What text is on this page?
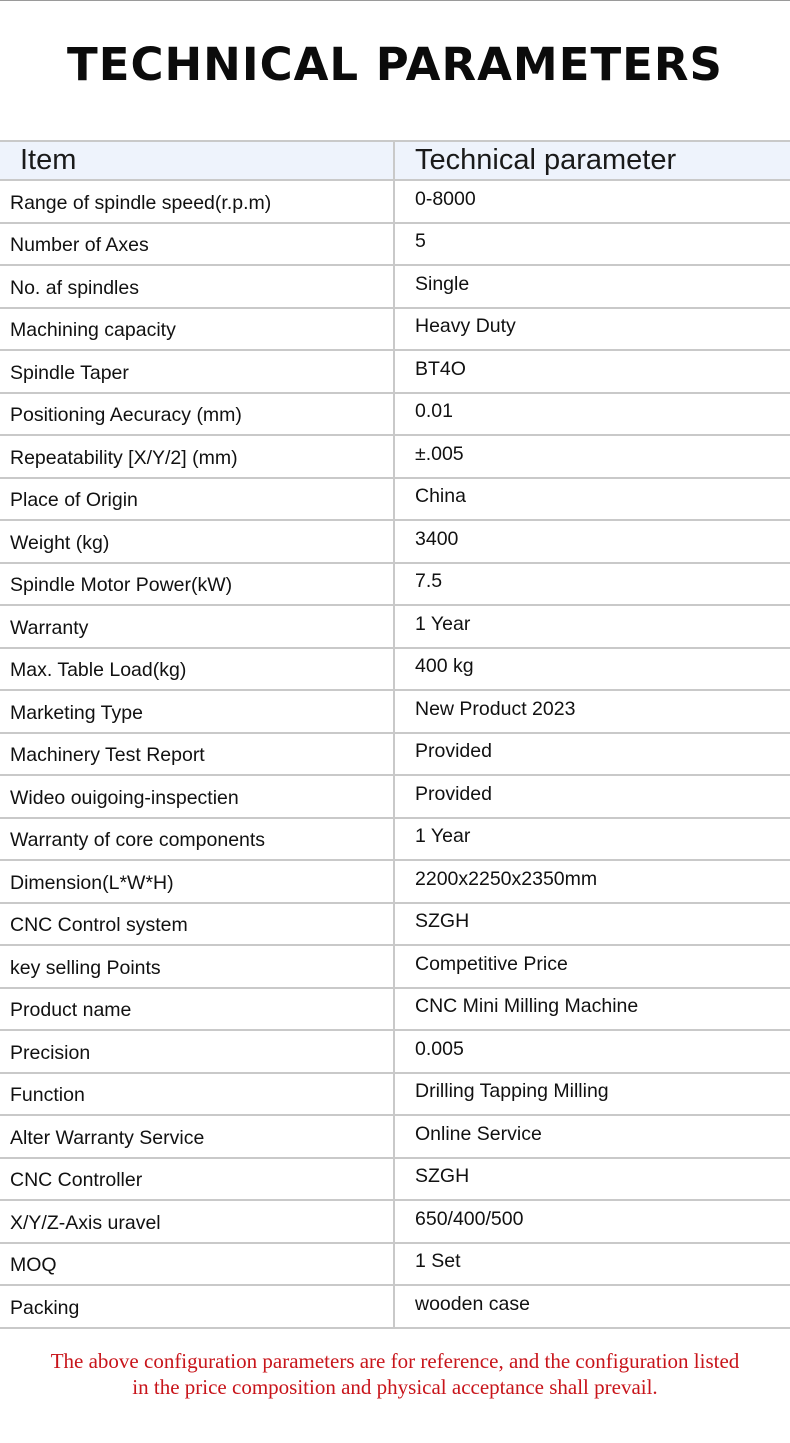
TECHNICAL PARAMETERS
Item	Technical parameter
Range of spindle speed(r.p.m)	0-8000
Number of Axes	5
No. af spindles	Single
Machining capacity	Heavy Duty
Spindle Taper	BT4O
Positioning Aecuracy (mm)	0.01
Repeatability [X/Y/2] (mm)	±.005
Place of Origin	China
Weight (kg)	3400
Spindle Motor Power(kW)	7.5
Warranty	1 Year
Max. Table Load(kg)	400 kg
Marketing Type	New Product 2023
Machinery Test Report	Provided
Wideo ouigoing-inspectien	Provided
Warranty of core components	1 Year
Dimension(L*W*H)	2200x2250x2350mm
CNC Control system	SZGH
key selling Points	Competitive Price
Product name	CNC Mini Milling Machine
Precision	0.005
Function	Drilling Tapping Milling
Alter Warranty Service	Online Service
CNC Controller	SZGH
X/Y/Z-Axis uravel	650/400/500
MOQ	1 Set
Packing	wooden case
The above configuration parameters are for reference, and the configuration listed
in the price composition and physical acceptance shall prevail.
